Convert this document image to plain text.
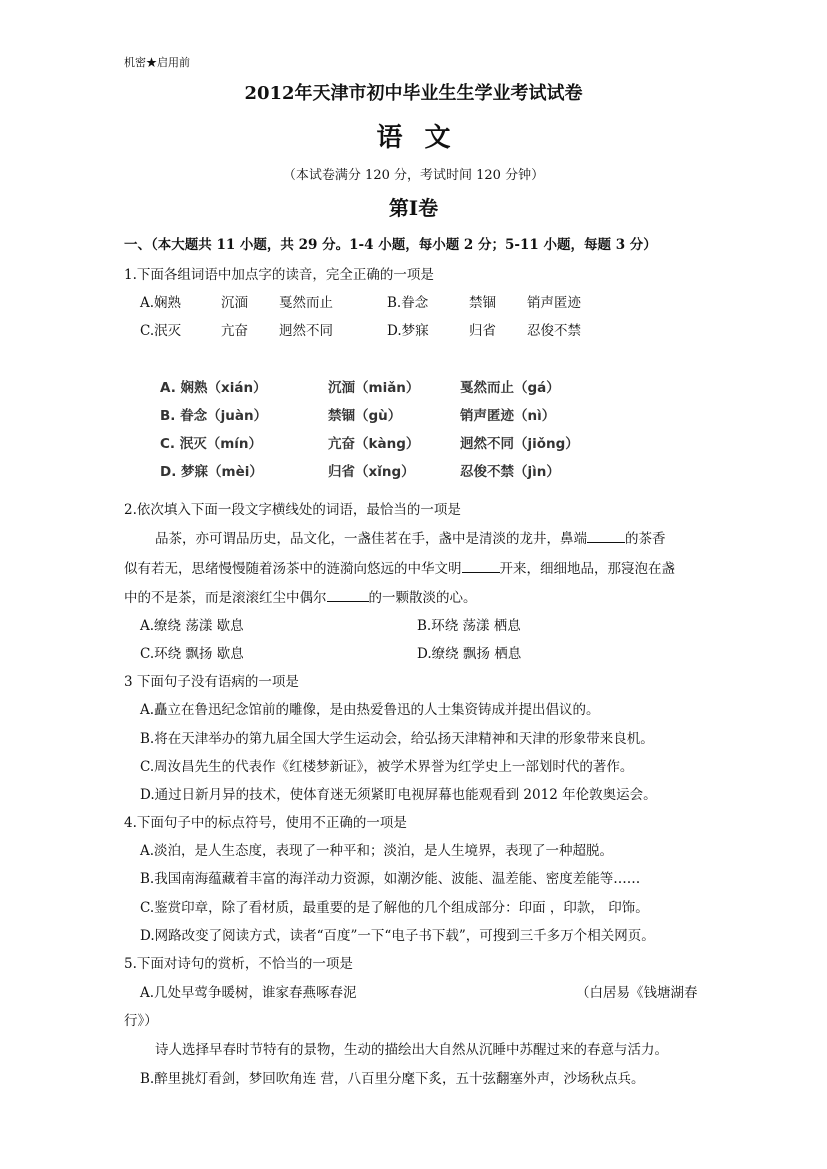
机密★启用前
2012年天津市初中毕业生生学业考试试卷
语文
（本试卷满分 120 分，考试时间 120 分钟）
第Ⅰ卷
一、（本大题共 11 小题，共 29 分。1-4 小题，每小题 2 分；5-11 小题，每题 3 分）
1.下面各组词语中加点字的读音，完全正确的一项是
A.娴熟	沉湎 戛然而止	B.眷念	禁锢 销声匿迹
C.泯灭	亢奋 迥然不同	D.梦寐	归省 忍俊不禁
A. 娴熟（xián）	沉湎（miǎn）	戛然而止（gá）
B. 眷念（juàn）	禁锢（gù）	销声匿迹（nì）
C. 泯灭（mín）	亢奋（kàng）	迥然不同（jiǒng）
D. 梦寐（mèi）	归省（xǐng）	忍俊不禁（jìn）
2.依次填入下面一段文字横线处的词语，最恰当的一项是
品茶，亦可谓品历史，品文化，一盏佳茗在手，盏中是清淡的龙井，鼻端	的茶香
似有若无，思绪慢慢随着汤茶中的涟漪向悠远的中华文明	开来，细细地品，那寖泡在盏
中的不是茶，而是滚滚红尘中偶尔	的一颗散淡的心。
A.缭绕 荡漾 歇息	B.环绕 荡漾 栖息
C.环绕 飘扬 歇息	D.缭绕 飘扬 栖息
3 下面句子没有语病的一项是
A.矗立在鲁迅纪念馆前的雕像，是由热爱鲁迅的人士集资铸成并提出倡议的。
B.将在天津举办的第九届全国大学生运动会，给弘扬天津精神和天津的形象带来良机。
C.周汝昌先生的代表作《红楼梦新证》，被学术界誉为红学史上一部划时代的著作。
D.通过日新月异的技术，使体育迷无须紧盯电视屏幕也能观看到 2012 年伦敦奥运会。
4.下面句子中的标点符号，使用不正确的一项是
A.淡泊，是人生态度，表现了一种平和；淡泊，是人生境界，表现了一种超脱。
B.我国南海蕴藏着丰富的海洋动力资源，如潮汐能、波能、温差能、密度差能等……
C.鉴赏印章，除了看材质，最重要的是了解他的几个组成部分：印面 ，印款， 印饰。
D.网路改变了阅读方式，读者“百度”一下“电子书下载”，可搜到三千多万个相关网页。
5.下面对诗句的赏析，不恰当的一项是
A.几处早莺争暖树，谁家春燕啄春泥	（白居易《钱塘湖春
行》）
诗人选择早春时节特有的景物，生动的描绘出大自然从沉睡中苏醒过来的春意与活力。
B.醉里挑灯看剑，梦回吹角连 营，八百里分麾下炙，五十弦翻塞外声，沙场秋点兵。
